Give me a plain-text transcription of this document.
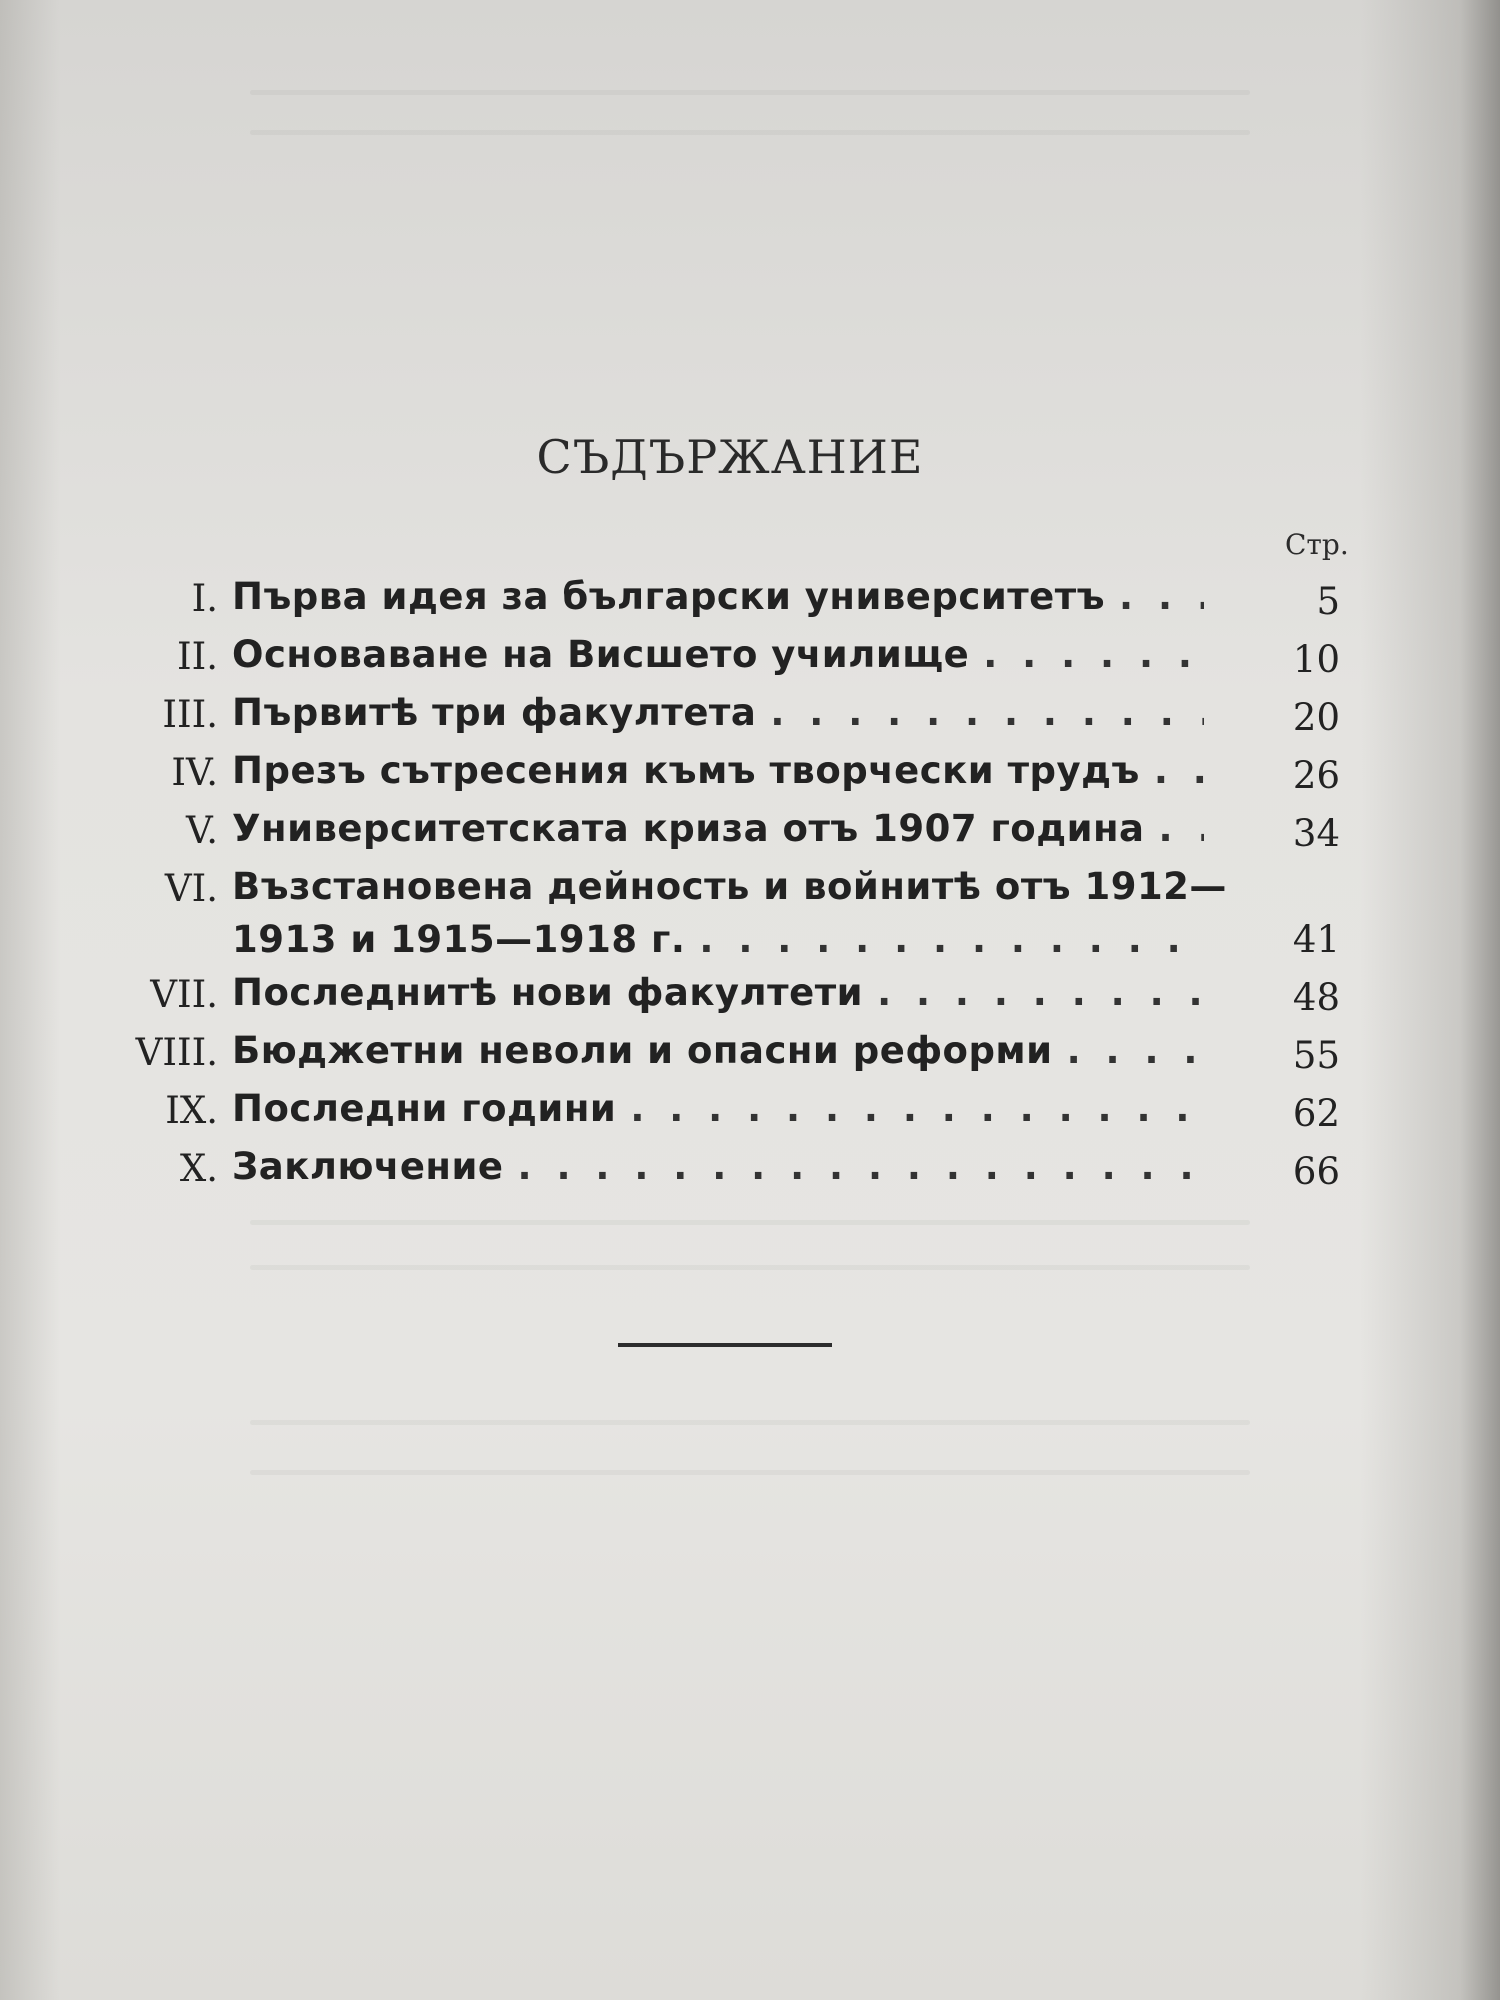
СЪДЪРЖАНИЕ
Стр.
I. Първа идея за български университетъ . . .	5
II. Основаване на Висшето училище . . .	10
III. Първитѣ три факултета . . .	20
IV. Презъ сътресения къмъ творчески трудъ . . .	26
V. Университетската криза отъ 1907 година . . .	34
VI. Възстановена дейность и войнитѣ отъ 1912—
1913 и 1915—1918 г. . . .	41
VII. Последнитѣ нови факултети . . .	48
VIII. Бюджетни неволи и опасни реформи . . .	55
IX. Последни години . . .	62
X. Заключение . . .	66
